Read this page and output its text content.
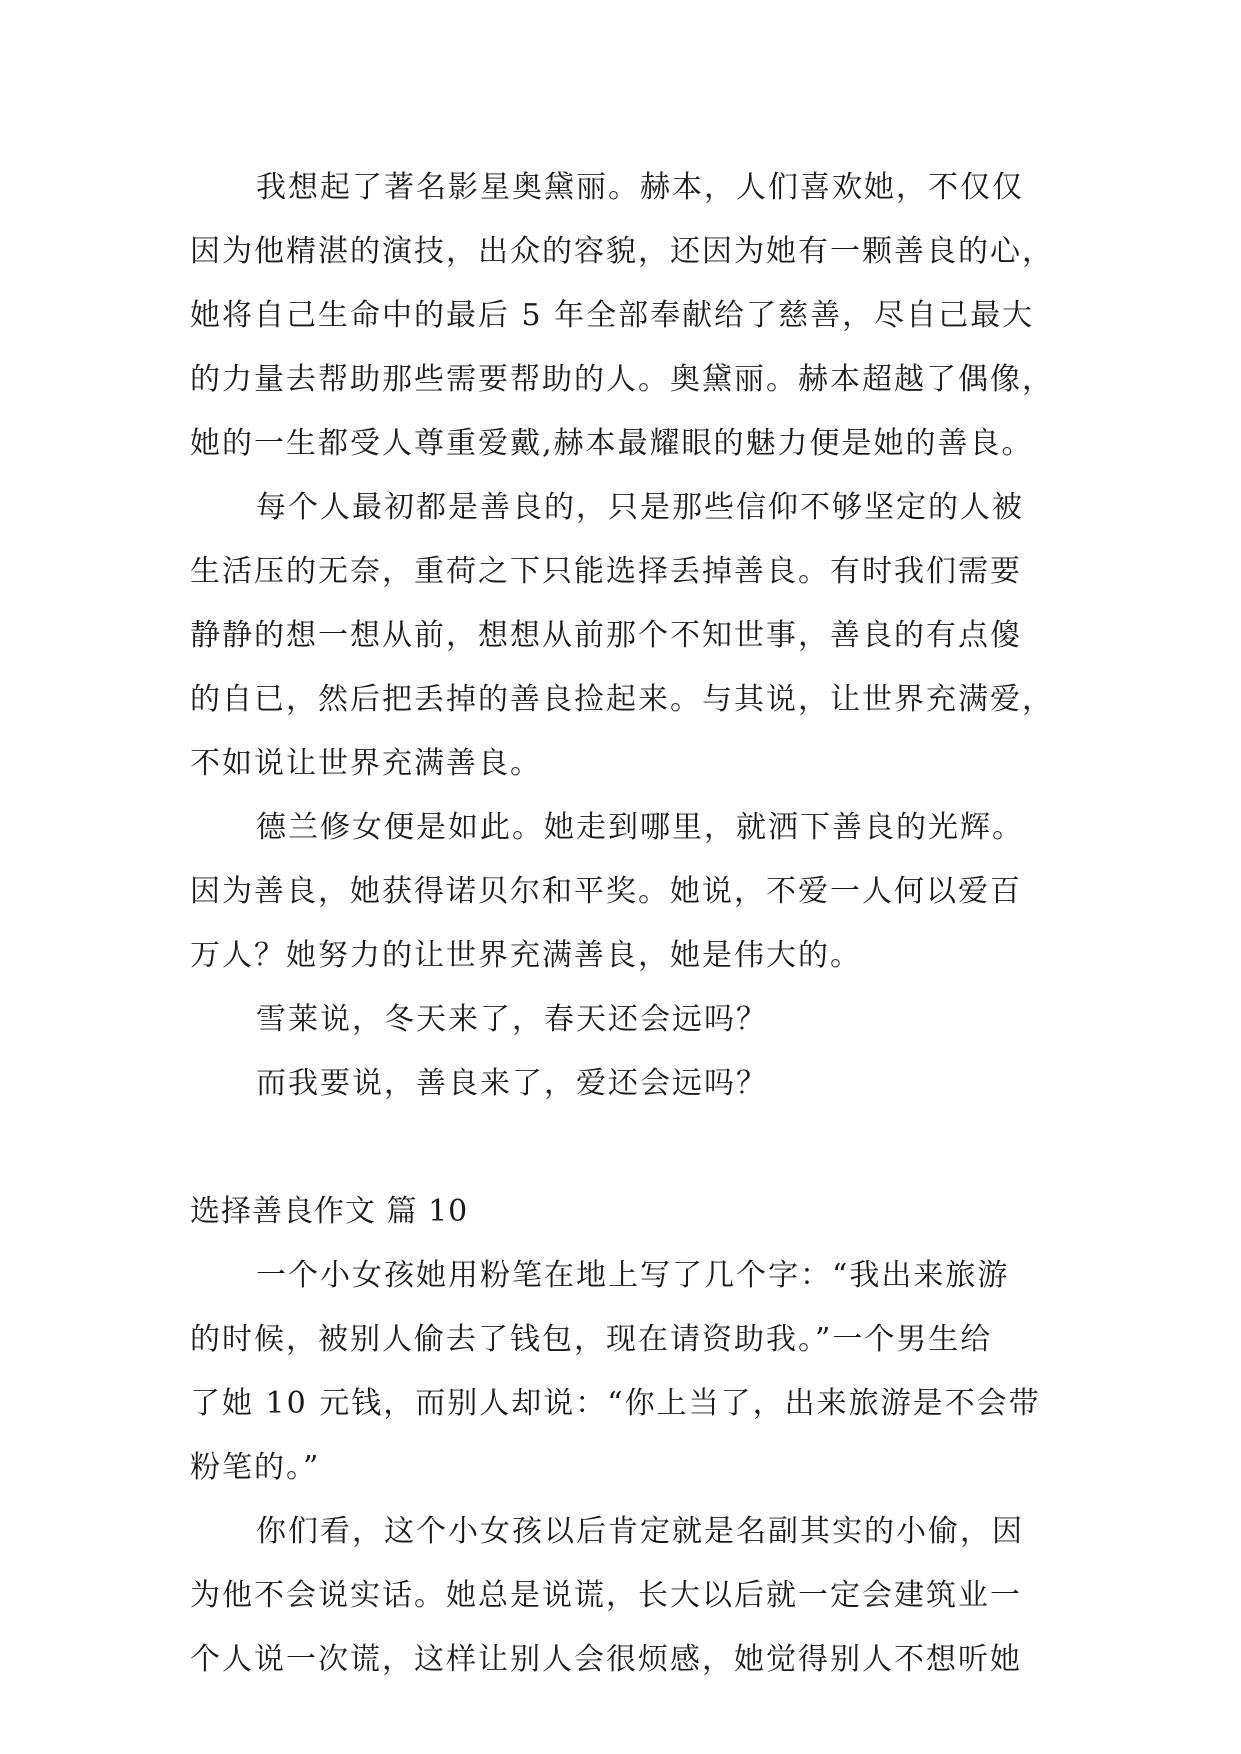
我想起了著名影星奥黛丽。赫本，人们喜欢她，不仅仅
因为他精湛的演技，出众的容貌，还因为她有一颗善良的心，
她将自己生命中的最后 5 年全部奉献给了慈善，尽自己最大
的力量去帮助那些需要帮助的人。奥黛丽。赫本超越了偶像，
她的一生都受人尊重爱戴,赫本最耀眼的魅力便是她的善良。
每个人最初都是善良的，只是那些信仰不够坚定的人被
生活压的无奈，重荷之下只能选择丢掉善良。有时我们需要
静静的想一想从前，想想从前那个不知世事，善良的有点傻
的自已，然后把丢掉的善良捡起来。与其说，让世界充满爱，
不如说让世界充满善良。
德兰修女便是如此。她走到哪里，就洒下善良的光辉。
因为善良，她获得诺贝尔和平奖。她说，不爱一人何以爱百
万人？她努力的让世界充满善良，她是伟大的。
雪莱说，冬天来了，春天还会远吗？
而我要说，善良来了，爱还会远吗？
选择善良作文 篇 10
一个小女孩她用粉笔在地上写了几个字：“我出来旅游
的时候，被别人偷去了钱包，现在请资助我。”一个男生给
了她 10 元钱，而别人却说：“你上当了，出来旅游是不会带
粉笔的。”
你们看，这个小女孩以后肯定就是名副其实的小偷，因
为他不会说实话。她总是说谎，长大以后就一定会建筑业一
个人说一次谎，这样让别人会很烦感，她觉得别人不想听她
